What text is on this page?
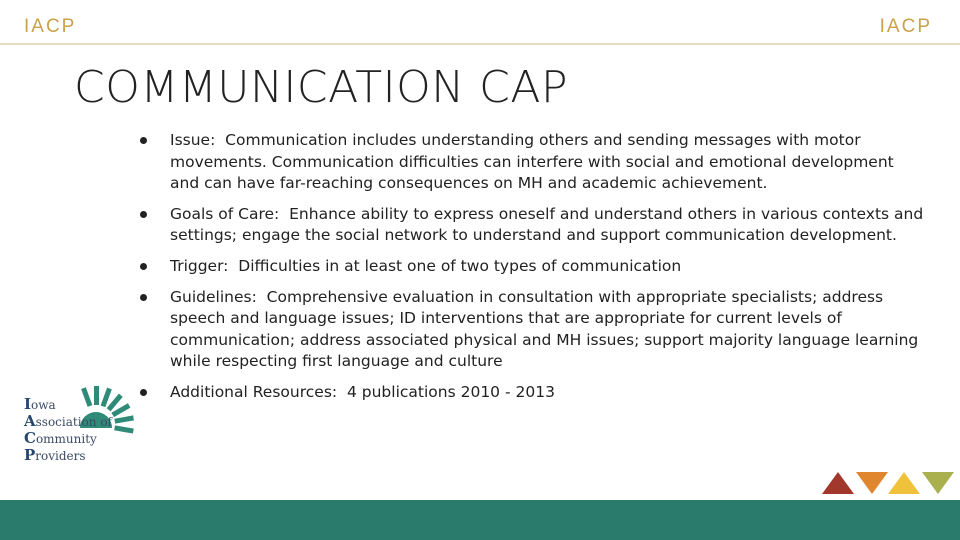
IACP	IACP
COMMUNICATION CAP
Issue: Communication includes understanding others and sending messages with motor movements. Communication difficulties can interfere with social and emotional development and can have far-reaching consequences on MH and academic achievement.
Goals of Care: Enhance ability to express oneself and understand others in various contexts and settings; engage the social network to understand and support communication development.
Trigger: Difficulties in at least one of two types of communication
Guidelines: Comprehensive evaluation in consultation with appropriate specialists; address speech and language issues; ID interventions that are appropriate for current levels of communication; address associated physical and MH issues; support majority language learning while respecting first language and culture
Additional Resources: 4 publications 2010 - 2013
Iowa
Association of
Community
Providers
